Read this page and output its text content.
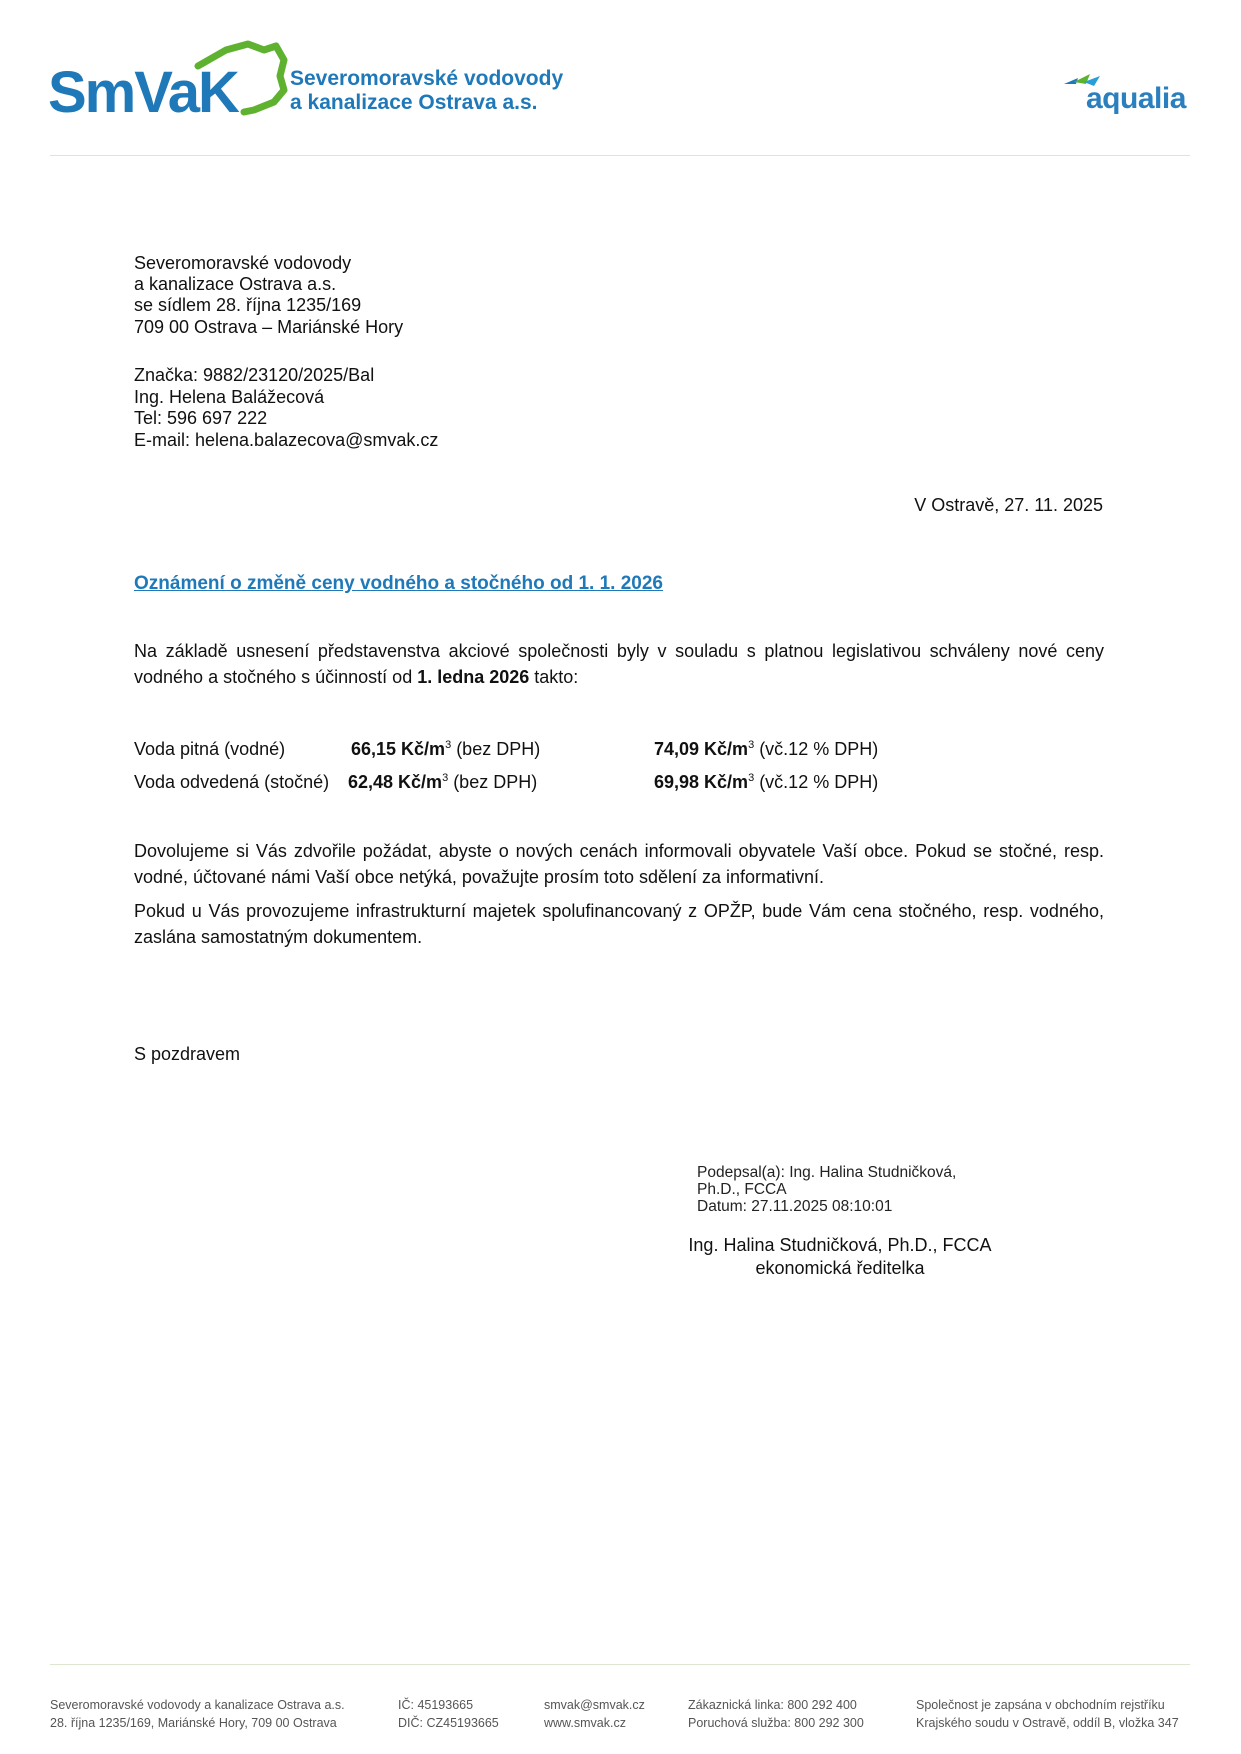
SmVaK Severomoravské vodovody
a kanalizace Ostrava a.s.	aqualia
Severomoravské vodovody
a kanalizace Ostrava a.s.
se sídlem 28. října 1235/169
709 00 Ostrava – Mariánské Hory
Značka: 9882/23120/2025/Bal
Ing. Helena Balážecová
Tel: 596 697 222
E-mail: helena.balazecova@smvak.cz
V Ostravě, 27. 11. 2025
Oznámení o změně ceny vodného a stočného od 1. 1. 2026
Na základě usnesení představenstva akciové společnosti byly v souladu s platnou legislativou schváleny nové ceny vodného a stočného s účinností od 1. ledna 2026 takto:
Voda pitná (vodné)	66,15 $Kč/m^3$ (bez DPH)	74,09 $Kč/m^3$ (vč.12 % DPH)
Voda odvedená (stočné) 62,48 $Kč/m^3$ (bez DPH)	69,98 $Kč/m^3$ (vč.12 % DPH)
Dovolujeme si Vás zdvořile požádat, abyste o nových cenách informovali obyvatele Vaší obce. Pokud se stočné, resp. vodné, účtované námi Vaší obce netýká, považujte prosím toto sdělení za informativní.
Pokud u Vás provozujeme infrastrukturní majetek spolufinancovaný z OPŽP, bude Vám cena stočného, resp. vodného, zaslána samostatným dokumentem.
S pozdravem
Podepsal(a): Ing. Halina Studničková,
Ph.D., FCCA
Datum: 27.11.2025 08:10:01
Ing. Halina Studničková, Ph.D., FCCA
ekonomická ředitelka
Severomoravské vodovody a kanalizace Ostrava a.s.
28. října 1235/169, Mariánské Hory, 709 00 Ostrava
IČ: 45193665
DIČ: CZ45193665
smvak@smvak.cz
www.smvak.cz
Zákaznická linka: 800 292 400
Poruchová služba: 800 292 300
Společnost je zapsána v obchodním rejstříku
Krajského soudu v Ostravě, oddíl B, vložka 347
